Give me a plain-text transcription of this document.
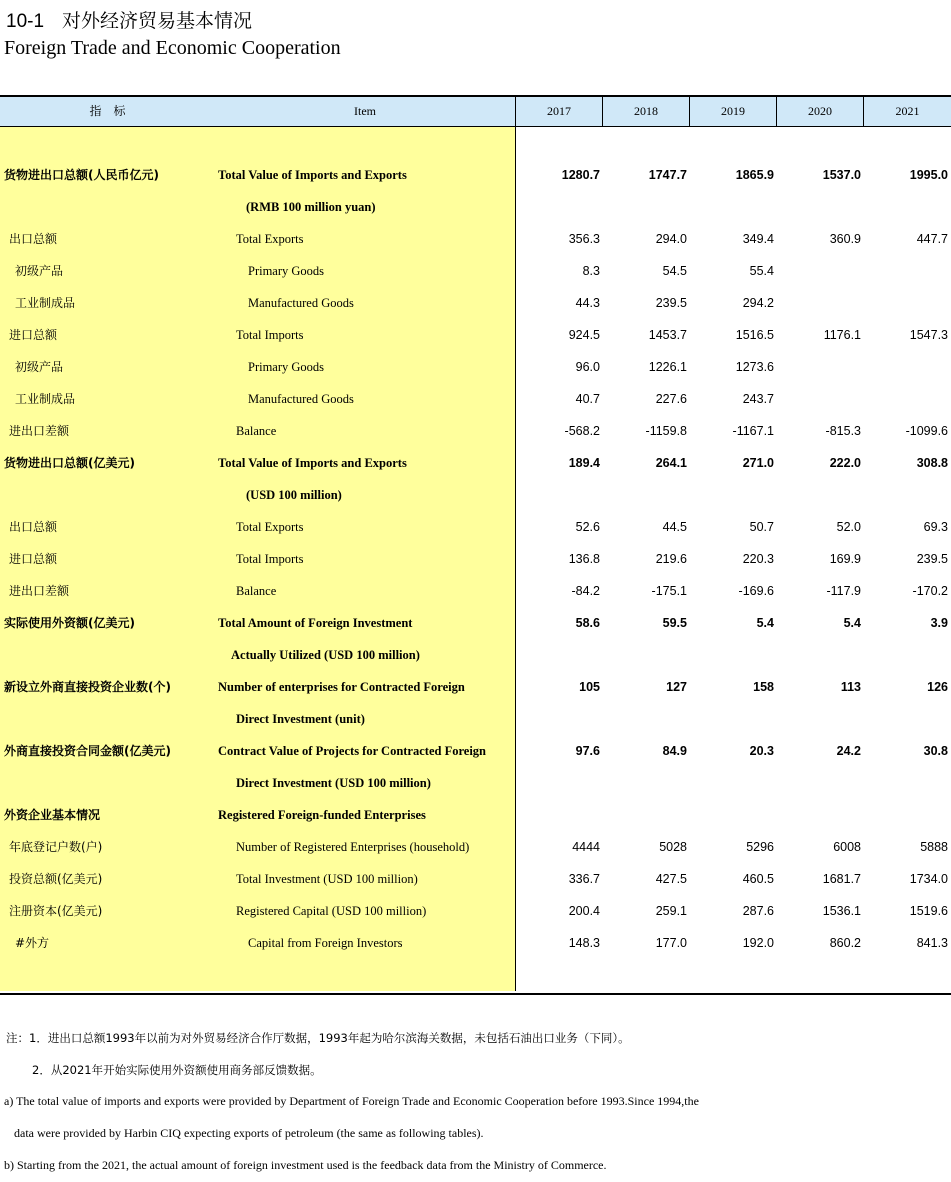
10-1 对外经济贸易基本情况
Foreign Trade and Economic Cooperation
指　标	Item	2017	2018	2019	2020	2021
货物进出口总额(人民币亿元)	Total Value of Imports and Exports	1280.7	1747.7	1865.9	1537.0	1995.0
(RMB 100 million yuan)
出口总额	Total Exports	356.3	294.0	349.4	360.9	447.7
初级产品	Primary Goods	8.3	54.5	55.4
工业制成品	Manufactured Goods	44.3	239.5	294.2
进口总额	Total Imports	924.5	1453.7	1516.5	1176.1	1547.3
初级产品	Primary Goods	96.0	1226.1	1273.6
工业制成品	Manufactured Goods	40.7	227.6	243.7
进出口差额	Balance	-568.2	-1159.8	-1167.1	-815.3	-1099.6
货物进出口总额(亿美元)	Total Value of Imports and Exports	189.4	264.1	271.0	222.0	308.8
(USD 100 million)
出口总额	Total Exports	52.6	44.5	50.7	52.0	69.3
进口总额	Total Imports	136.8	219.6	220.3	169.9	239.5
进出口差额	Balance	-84.2	-175.1	-169.6	-117.9	-170.2
实际使用外资额(亿美元)	Total Amount of Foreign Investment	58.6	59.5	5.4	5.4	3.9
Actually Utilized (USD 100 million)
新设立外商直接投资企业数(个)	Number of enterprises for Contracted Foreign	105	127	158	113	126
Direct Investment (unit)
外商直接投资合同金额(亿美元)	Contract Value of Projects for Contracted Foreign	97.6	84.9	20.3	24.2	30.8
Direct Investment (USD 100 million)
外资企业基本情况	Registered Foreign-funded Enterprises
年底登记户数(户)	Number of Registered Enterprises (household)	4444	5028	5296	6008	5888
投资总额(亿美元)	Total Investment (USD 100 million)	336.7	427.5	460.5	1681.7	1734.0
注册资本(亿美元)	Registered Capital (USD 100 million)	200.4	259.1	287.6	1536.1	1519.6
#外方	Capital from Foreign Investors	148.3	177.0	192.0	860.2	841.3
注：1．进出口总额1993年以前为对外贸易经济合作厅数据，1993年起为哈尔滨海关数据，未包括石油出口业务（下同）。
2．从2021年开始实际使用外资额使用商务部反馈数据。
a) The total value of imports and exports were provided by Department of Foreign Trade and Economic Cooperation before 1993.Since 1994,the
data were provided by Harbin CIQ expecting exports of petroleum (the same as following tables).
b) Starting from the 2021, the actual amount of foreign investment used is the feedback data from the Ministry of Commerce.
